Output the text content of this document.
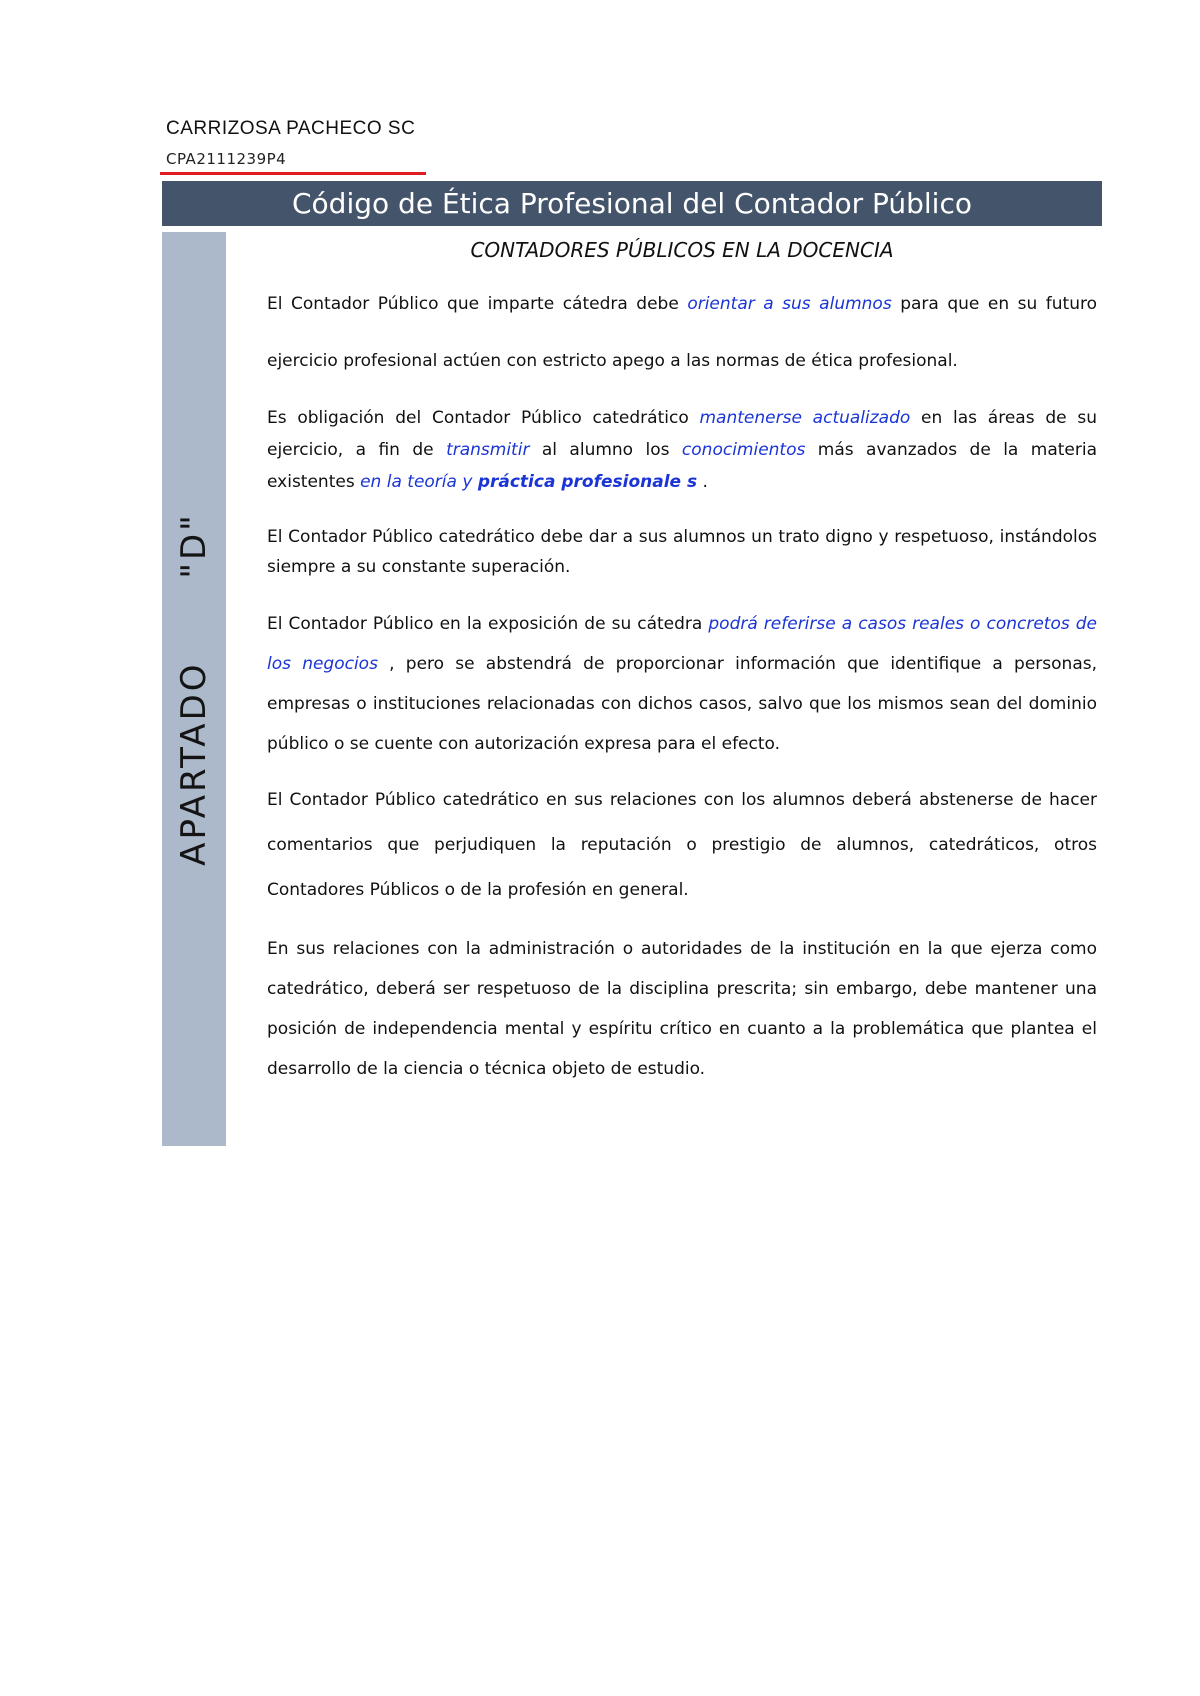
CARRIZOSA PACHECO SC
CPA2111239P4
Código de Ética Profesional del Contador Público
APARTADO      "D"
CONTADORES PÚBLICOS EN LA DOCENCIA

El Contador Público que imparte cátedra debe orientar a sus alumnos para que en su futuro ejercicio profesional actúen con estricto apego a las normas de ética profesional.

Es obligación del Contador Público catedrático mantenerse actualizado en las áreas de su ejercicio, a fin de transmitir al alumno los conocimientos más avanzados de la materia existentes en la teoría y práctica profesionale s .

El Contador Público catedrático debe dar a sus alumnos un trato digno y respetuoso, instándolos siempre a su constante superación.

El Contador Público en la exposición de su cátedra podrá referirse a casos reales o concretos de los negocios , pero se abstendrá de proporcionar información que identifique a personas, empresas o instituciones relacionadas con dichos casos, salvo que los mismos sean del dominio público o se cuente con autorización expresa para el efecto.

El Contador Público catedrático en sus relaciones con los alumnos deberá abstenerse de hacer comentarios que perjudiquen la reputación o prestigio de alumnos, catedráticos, otros Contadores Públicos o de la profesión en general.

En sus relaciones con la administración o autoridades de la institución en la que ejerza como catedrático, deberá ser respetuoso de la disciplina prescrita; sin embargo, debe mantener una posición de independencia mental y espíritu crítico en cuanto a la problemática que plantea el desarrollo de la ciencia o técnica objeto de estudio.
